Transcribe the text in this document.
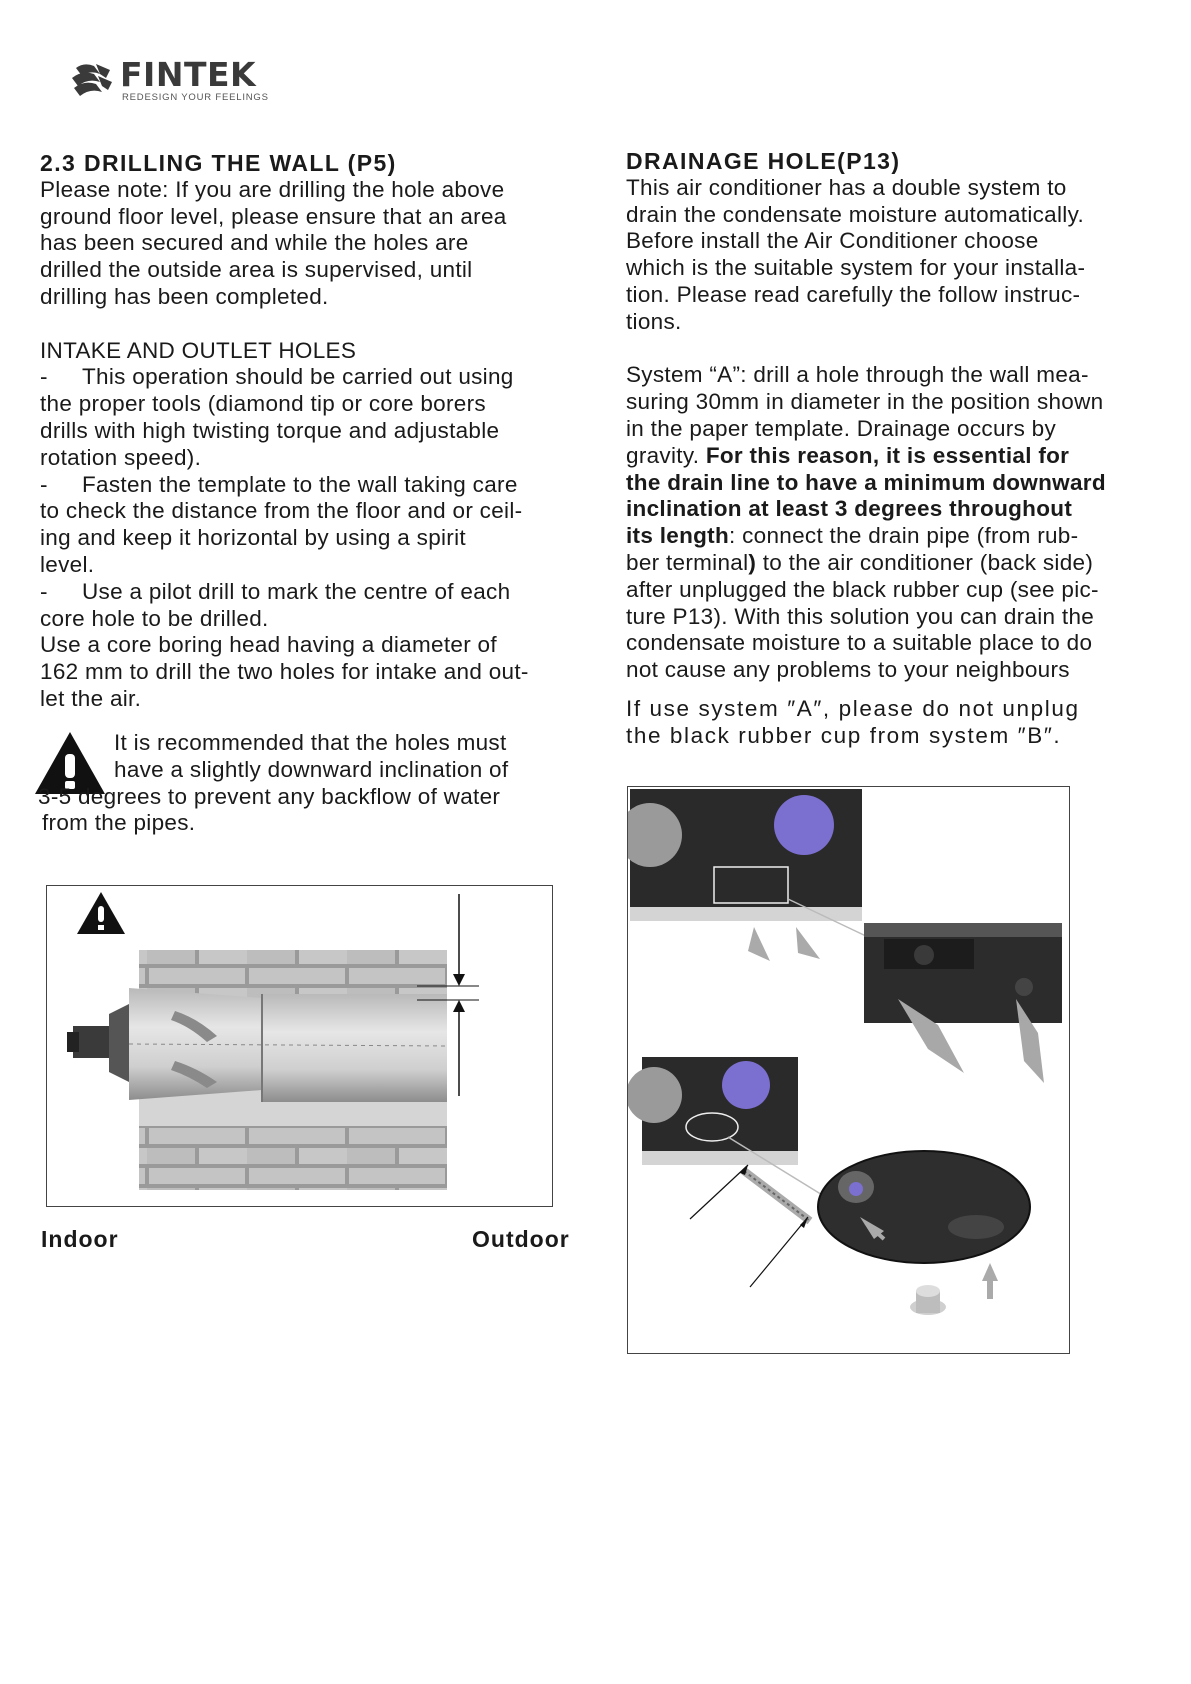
FINTEK
REDESIGN YOUR FEELINGS

2.3 DRILLING THE WALL (P5)

Please note: If you are drilling the hole above

ground floor level, please ensure that an area

has been secured and while the holes are

drilled the outside area is supervised, until

drilling has been completed.

INTAKE AND OUTLET HOLES

-	This operation should be carried out using

the proper tools (diamond tip or core borers

drills with high twisting torque and adjustable

rotation speed).

-	Fasten the template to the wall taking care

to check the distance from the floor and or ceil-

ing and keep it horizontal by using a spirit

level.

-	Use a pilot drill to mark the centre of each

core hole to be drilled.

Use a core boring head having a diameter of

162 mm to drill the two holes for intake and out-

let the air.

It is recommended that the holes must

have a slightly downward inclination of

3-5 degrees to prevent any backflow of water

from the pipes.

Indoor	Outdoor

DRAINAGE HOLE(P13)

This air conditioner has a double system to

drain the condensate moisture automatically.

Before install the Air Conditioner choose

which is the suitable system for your installa-

tion. Please read carefully the follow instruc-

tions.

System “A”: drill a hole through the wall mea-

suring 30mm in diameter in the position shown

in the paper template. Drainage occurs by

gravity. For this reason, it is essential for

the drain line to have a minimum downward

inclination at least 3 degrees throughout

its length: connect the drain pipe (from rub-

ber terminal) to the air conditioner (back side)

after unplugged the black rubber cup (see pic-

ture P13). With this solution you can drain the

condensate moisture to a suitable place to do

not cause any problems to your neighbours

If use system ″A″, please do not unplug

the black rubber cup from system ″B″.
